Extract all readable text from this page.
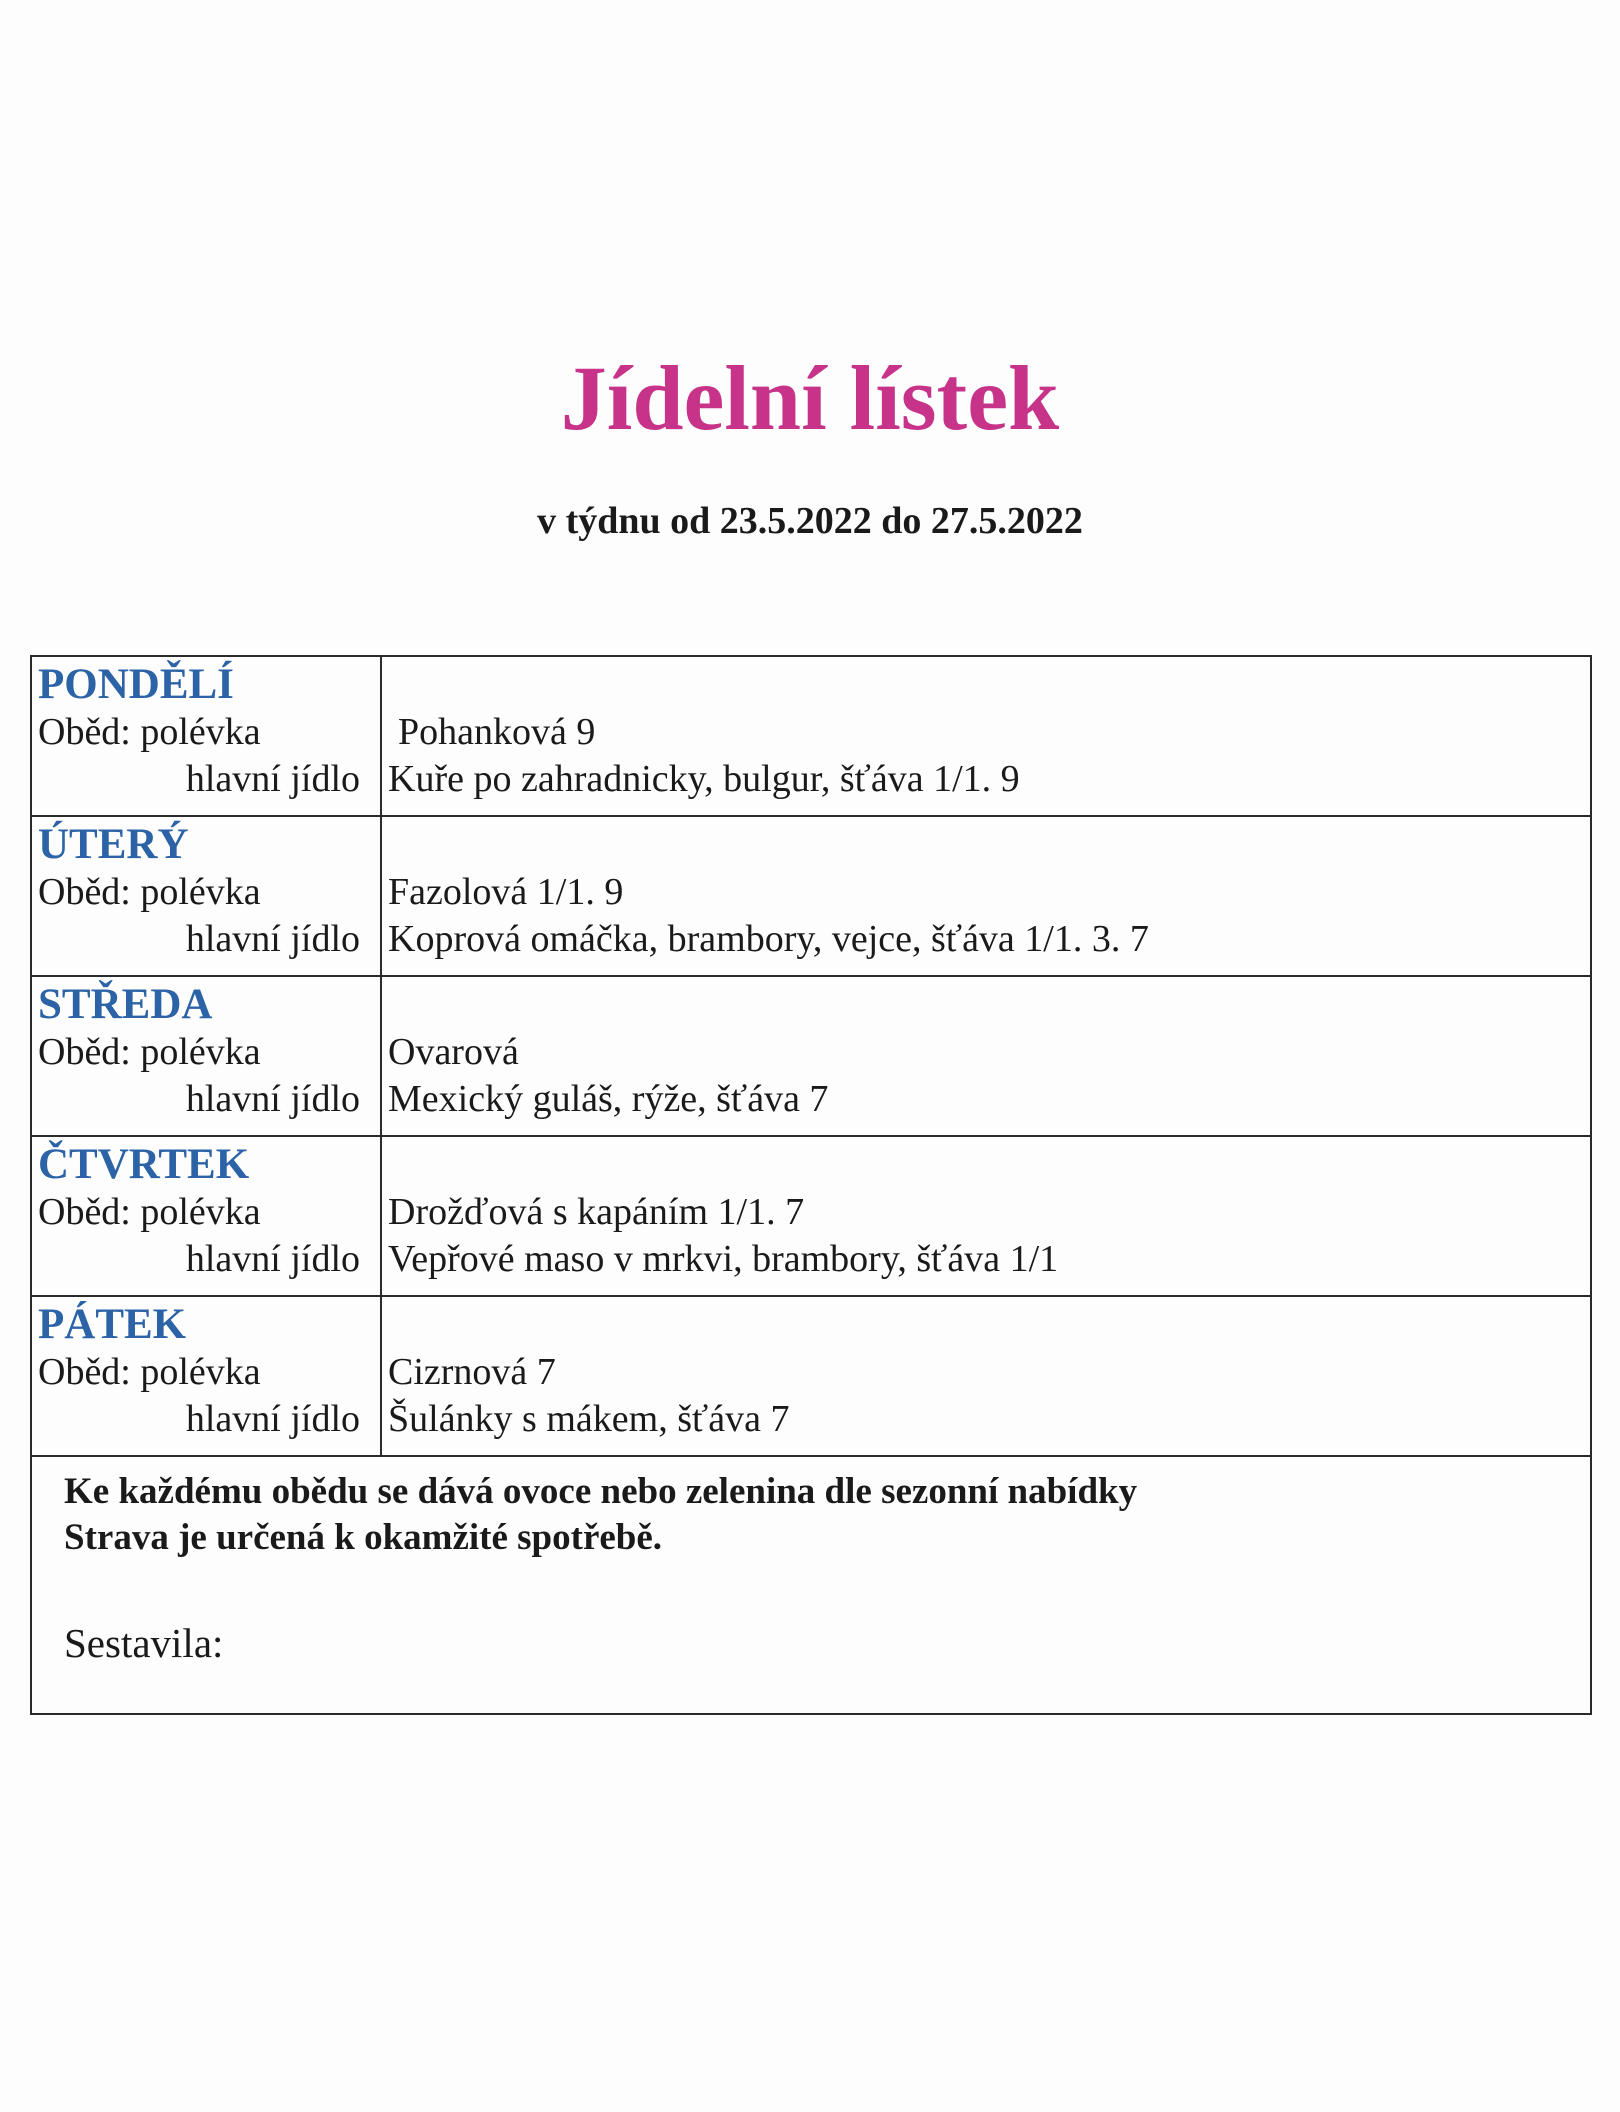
Jídelní lístek
v týdnu od 23.5.2022 do 27.5.2022
PONDĚLÍ
Oběd: polévka
hlavní jídlo
Pohanková 9
Kuře po zahradnicky, bulgur, šťáva 1/1. 9
ÚTERÝ
Oběd: polévka
hlavní jídlo
Fazolová 1/1. 9
Koprová omáčka, brambory, vejce, šťáva 1/1. 3. 7
STŘEDA
Oběd: polévka
hlavní jídlo
Ovarová
Mexický guláš, rýže, šťáva 7
ČTVRTEK
Oběd: polévka
hlavní jídlo
Drožďová s kapáním 1/1. 7
Vepřové maso v mrkvi, brambory, šťáva 1/1
PÁTEK
Oběd: polévka
hlavní jídlo
Cizrnová 7
Šulánky s mákem, šťáva 7
Ke každému obědu se dává ovoce nebo zelenina dle sezonní nabídky
Strava je určená k okamžité spotřebě.
Sestavila:
